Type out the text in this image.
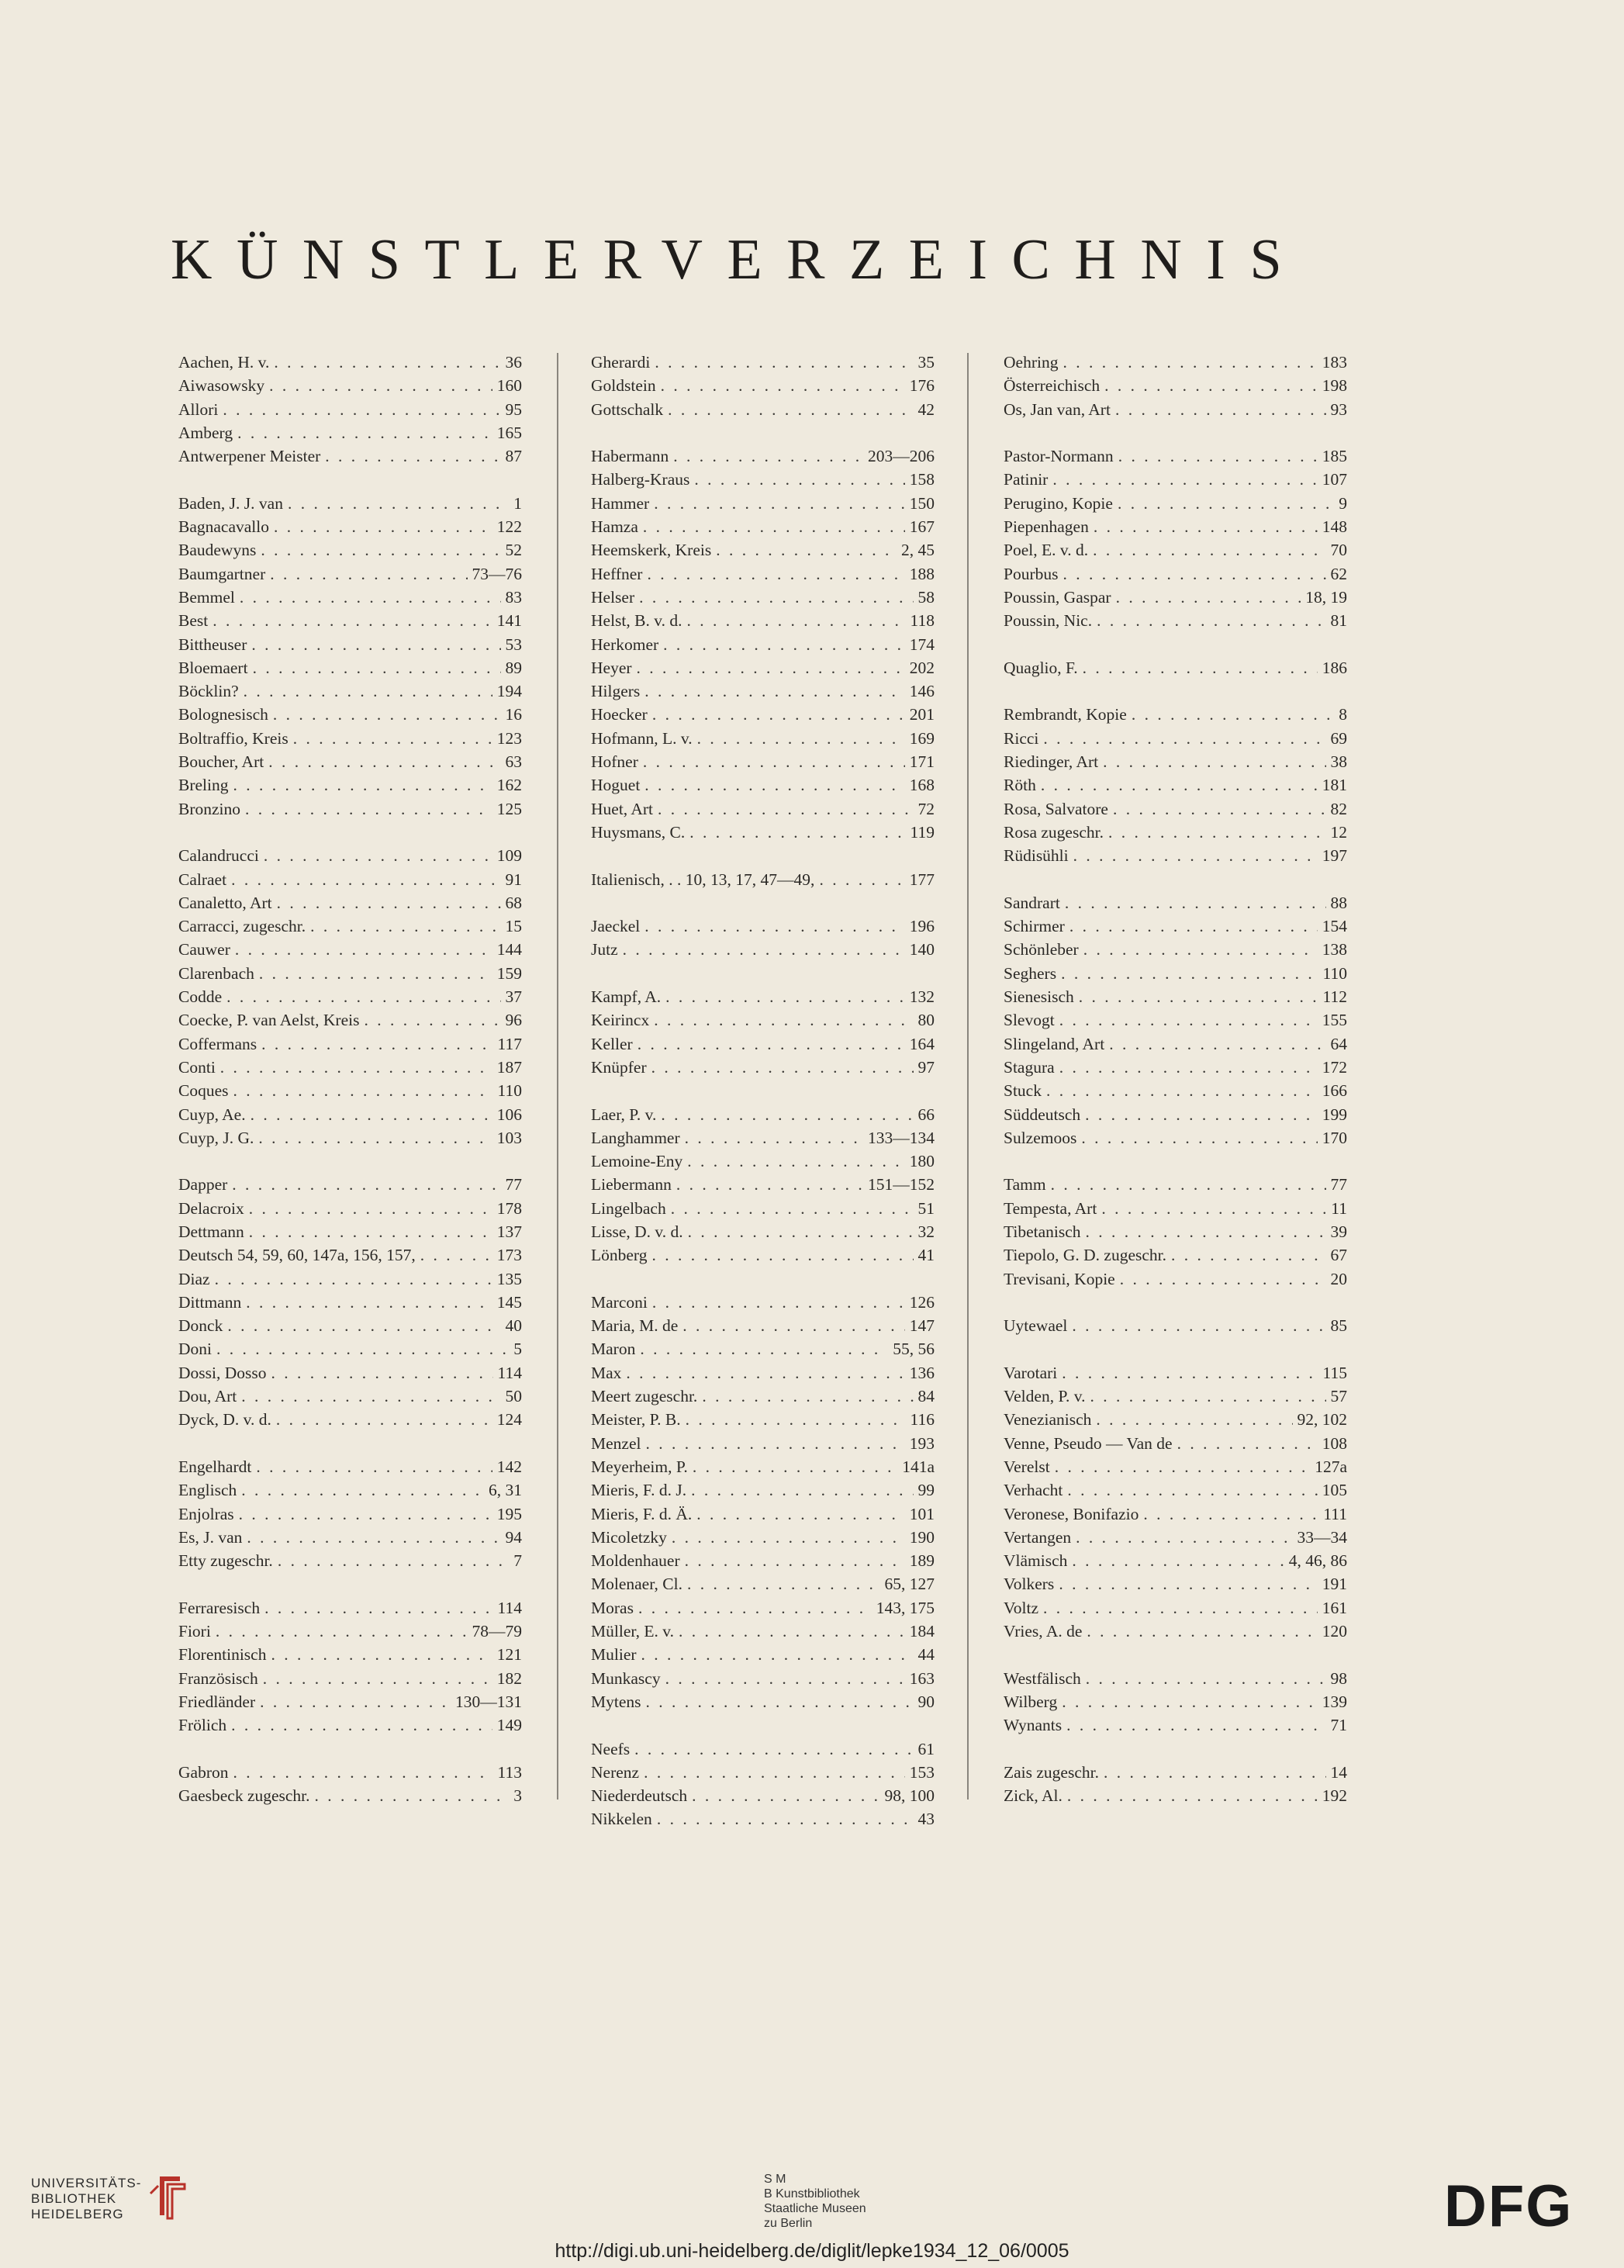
KÜNSTLERVERZEICHNIS
Aachen, H. v. . . .	36
Aiwasowsky . . .	160
Allori . . .	95
Amberg . . .	165
Antwerpener Meister . . .	87
Baden, J. J. van . . .	1
Bagnacavallo . . .	122
Baudewyns . . .	52
Baumgartner . . .	73—76
Bemmel . . .	83
Best . . .	141
Bittheuser . . .	53
Bloemaert . . .	89
Böcklin? . . .	194
Bolognesisch . . .	16
Boltraffio, Kreis . . .	123
Boucher, Art . . .	63
Breling . . .	162
Bronzino . . .	125
Calandrucci . . .	109
Calraet . . .	91
Canaletto, Art . . .	68
Carracci, zugeschr. . . .	15
Cauwer . . .	144
Clarenbach . . .	159
Codde . . .	37
Coecke, P. van Aelst, Kreis . . .	96
Coffermans . . .	117
Conti . . .	187
Coques . . .	110
Cuyp, Ae. . . .	106
Cuyp, J. G. . . .	103
Dapper . . .	77
Delacroix . . .	178
Dettmann . . .	137
Deutsch 54, 59, 60, 147a, 156, 157, . . .	173
Diaz . . .	135
Dittmann . . .	145
Donck . . .	40
Doni . . .	5
Dossi, Dosso . . .	114
Dou, Art . . .	50
Dyck, D. v. d. . . .	124
Engelhardt . . .	142
Englisch . . .	6, 31
Enjolras . . .	195
Es, J. van . . .	94
Etty zugeschr. . . .	7
Ferraresisch . . .	114
Fiori . . .	78—79
Florentinisch . . .	121
Französisch . . .	182
Friedländer . . .	130—131
Frölich . . .	149
Gabron . . .	113
Gaesbeck zugeschr. . . .	3
Gherardi . . .	35
Goldstein . . .	176
Gottschalk . . .	42
Habermann . . .	203—206
Halberg-Kraus . . .	158
Hammer . . .	150
Hamza . . .	167
Heemskerk, Kreis . . .	2, 45
Heffner . . .	188
Helser . . .	58
Helst, B. v. d. . . .	118
Herkomer . . .	174
Heyer . . .	202
Hilgers . . .	146
Hoecker . . .	201
Hofmann, L. v. . . .	169
Hofner . . .	171
Hoguet . . .	168
Huet, Art . . .	72
Huysmans, C. . . .	119
Italienisch, . . 10, 13, 17, 47—49, . . .	177
Jaeckel . . .	196
Jutz . . .	140
Kampf, A. . . .	132
Keirincx . . .	80
Keller . . .	164
Knüpfer . . .	97
Laer, P. v. . . .	66
Langhammer . . .	133—134
Lemoine-Eny . . .	180
Liebermann . . .	151—152
Lingelbach . . .	51
Lisse, D. v. d. . . .	32
Lönberg . . .	41
Marconi . . .	126
Maria, M. de . . .	147
Maron . . .	55, 56
Max . . .	136
Meert zugeschr. . . .	84
Meister, P. B. . . .	116
Menzel . . .	193
Meyerheim, P. . . .	141a
Mieris, F. d. J. . . .	99
Mieris, F. d. Ä. . . .	101
Micoletzky . . .	190
Moldenhauer . . .	189
Molenaer, Cl. . . .	65, 127
Moras . . .	143, 175
Müller, E. v. . . .	184
Mulier . . .	44
Munkascy . . .	163
Mytens . . .	90
Neefs . . .	61
Nerenz . . .	153
Niederdeutsch . . .	98, 100
Nikkelen . . .	43
Oehring . . .	183
Österreichisch . . .	198
Os, Jan van, Art . . .	93
Pastor-Normann . . .	185
Patinir . . .	107
Perugino, Kopie . . .	9
Piepenhagen . . .	148
Poel, E. v. d. . . .	70
Pourbus . . .	62
Poussin, Gaspar . . .	18, 19
Poussin, Nic. . . .	81
Quaglio, F. . . .	186
Rembrandt, Kopie . . .	8
Ricci . . .	69
Riedinger, Art . . .	38
Röth . . .	181
Rosa, Salvatore . . .	82
Rosa zugeschr. . . .	12
Rüdisühli . . .	197
Sandrart . . .	88
Schirmer . . .	154
Schönleber . . .	138
Seghers . . .	110
Sienesisch . . .	112
Slevogt . . .	155
Slingeland, Art . . .	64
Stagura . . .	172
Stuck . . .	166
Süddeutsch . . .	199
Sulzemoos . . .	170
Tamm . . .	77
Tempesta, Art . . .	11
Tibetanisch . . .	39
Tiepolo, G. D. zugeschr. . . .	67
Trevisani, Kopie . . .	20
Uytewael . . .	85
Varotari . . .	115
Velden, P. v. . . .	57
Venezianisch . . .	92, 102
Venne, Pseudo — Van de . . .	108
Verelst . . .	127a
Verhacht . . .	105
Veronese, Bonifazio . . .	111
Vertangen . . .	33—34
Vlämisch . . .	4, 46, 86
Volkers . . .	191
Voltz . . .	161
Vries, A. de . . .	120
Westfälisch . . .	98
Wilberg . . .	139
Wynants . . .	71
Zais zugeschr. . . .	14
Zick, Al. . . .	192
UNIVERSITÄTS-
BIBLIOTHEK
HEIDELBERG
S M
B Kunstbibliothek
Staatliche Museen
zu Berlin	DFG
http://digi.ub.uni-heidelberg.de/diglit/lepke1934_12_06/0005
